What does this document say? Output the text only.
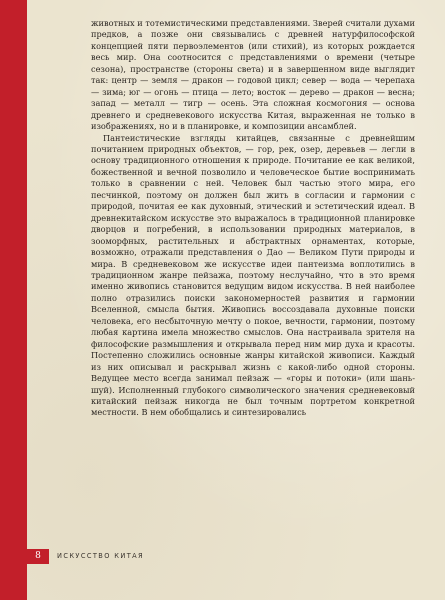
животных и тотемистическими представлениями. Зверей считали духами предков, а позже они связывались с древней натурфилософской концепцией пяти первоэлементов (или стихий), из которых рождается весь мир. Она соотносится с представлениями о времени (четыре сезона), пространстве (стороны света) и в завершенном виде выглядит так: центр — земля — дракон — годовой цикл; север — вода — черепаха — зима; юг — огонь — птица — лето; восток — дерево — дракон — весна; запад — металл — тигр — осень. Эта сложная космогония — основа древнего и средневекового искусства Китая, выраженная не только в изображениях, но и в планировке, и композиции ансамблей.

Пантеистические взгляды китайцев, связанные с древнейшим почитанием природных объектов, — гор, рек, озер, деревьев — легли в основу традиционного отношения к природе. Почитание ее как великой, божественной и вечной позволило и человеческое бытие воспринимать только в сравнении с ней. Человек был частью этого мира, его песчинкой, поэтому он должен был жить в согласии и гармонии с природой, почитая ее как духовный, этический и эстетический идеал. В древнекитайском искусстве это выражалось в традиционной планировке дворцов и погребений, в использовании природных материалов, в зооморфных, растительных и абстрактных орнаментах, которые, возможно, отражали представления о Дао — Великом Пути природы и мира. В средневековом же искусстве идеи пантеизма воплотились в традиционном жанре пейзажа, поэтому неслучайно, что в это время именно живопись становится ведущим видом искусства. В ней наиболее полно отразились поиски закономерностей развития и гармонии Вселенной, смысла бытия. Живопись воссоздавала духовные поиски человека, его несбыточную мечту о покое, вечности, гармонии, поэтому любая картина имела множество смыслов. Она настраивала зрителя на философские размышления и открывала перед ним мир духа и красоты. Постепенно сложились основные жанры китайской живописи. Каждый из них описывал и раскрывал жизнь с какой-либо одной стороны. Ведущее место всегда занимал пейзаж — «горы и потоки» (или шань-шуй). Исполненный глубокого символического значения средневековый китайский пейзаж никогда не был точным портретом конкретной местности. В нем обобщались и синтезировались

8	ИСКУССТВО КИТАЯ
